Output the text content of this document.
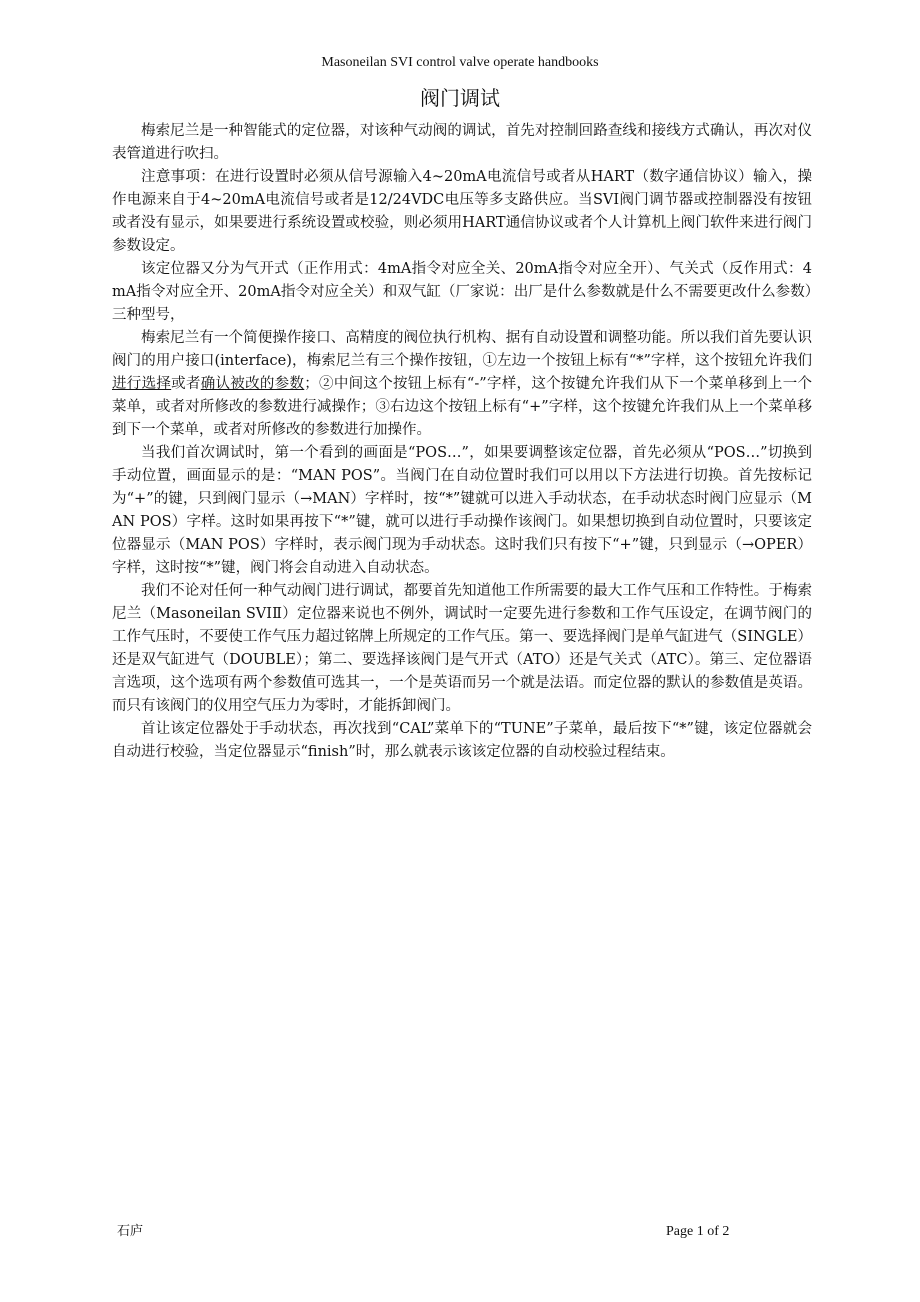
Masoneilan SVI control valve operate handbooks
阀门调试

梅索尼兰是一种智能式的定位器，对该种气动阀的调试，首先对控制回路查线和接线方式确认，再次对仪表管道进行吹扫。

注意事项：在进行设置时必须从信号源输入4~20mA电流信号或者从HART（数字通信协议）输入，操作电源来自于4~20mA电流信号或者是12/24VDC电压等多支路供应。当SVI阀门调节器或控制器没有按钮或者没有显示，如果要进行系统设置或校验，则必须用HART通信协议或者个人计算机上阀门软件来进行阀门参数设定。

该定位器又分为气开式（正作用式：4mA指令对应全关、20mA指令对应全开）、气关式（反作用式：4mA指令对应全开、20mA指令对应全关）和双气缸（厂家说：出厂是什么参数就是什么不需要更改什么参数）三种型号，

梅索尼兰有一个简便操作接口、高精度的阀位执行机构、据有自动设置和调整功能。所以我们首先要认识阀门的用户接口(interface)，梅索尼兰有三个操作按钮，①左边一个按钮上标有“*”字样，这个按钮允许我们进行选择或者确认被改的参数；②中间这个按钮上标有“-”字样，这个按键允许我们从下一个菜单移到上一个菜单，或者对所修改的参数进行减操作；③右边这个按钮上标有“+”字样，这个按键允许我们从上一个菜单移到下一个菜单，或者对所修改的参数进行加操作。

当我们首次调试时，第一个看到的画面是“POS…”，如果要调整该定位器，首先必须从“POS…”切换到手动位置，画面显示的是：“MAN POS”。当阀门在自动位置时我们可以用以下方法进行切换。首先按标记为“+”的键，只到阀门显示（→MAN）字样时，按“*”键就可以进入手动状态，在手动状态时阀门应显示（MAN POS）字样。这时如果再按下“*”键，就可以进行手动操作该阀门。如果想切换到自动位置时，只要该定位器显示（MAN POS）字样时，表示阀门现为手动状态。这时我们只有按下“+”键，只到显示（→OPER）字样，这时按“*”键，阀门将会自动进入自动状态。

我们不论对任何一种气动阀门进行调试，都要首先知道他工作所需要的最大工作气压和工作特性。于梅索尼兰（Masoneilan SVIⅡ）定位器来说也不例外，调试时一定要先进行参数和工作气压设定，在调节阀门的工作气压时，不要使工作气压力超过铭牌上所规定的工作气压。第一、要选择阀门是单气缸进气（SINGLE）还是双气缸进气（DOUBLE）；第二、要选择该阀门是气开式（ATO）还是气关式（ATC）。第三、定位器语言选项，这个选项有两个参数值可选其一，一个是英语而另一个就是法语。而定位器的默认的参数值是英语。而只有该阀门的仪用空气压力为零时，才能拆卸阀门。

首让该定位器处于手动状态，再次找到“CAL”菜单下的“TUNE”子菜单，最后按下“*”键，该定位器就会自动进行校验，当定位器显示“finish”时，那么就表示该该定位器的自动校验过程结束。

石庐	Page 1 of 2
